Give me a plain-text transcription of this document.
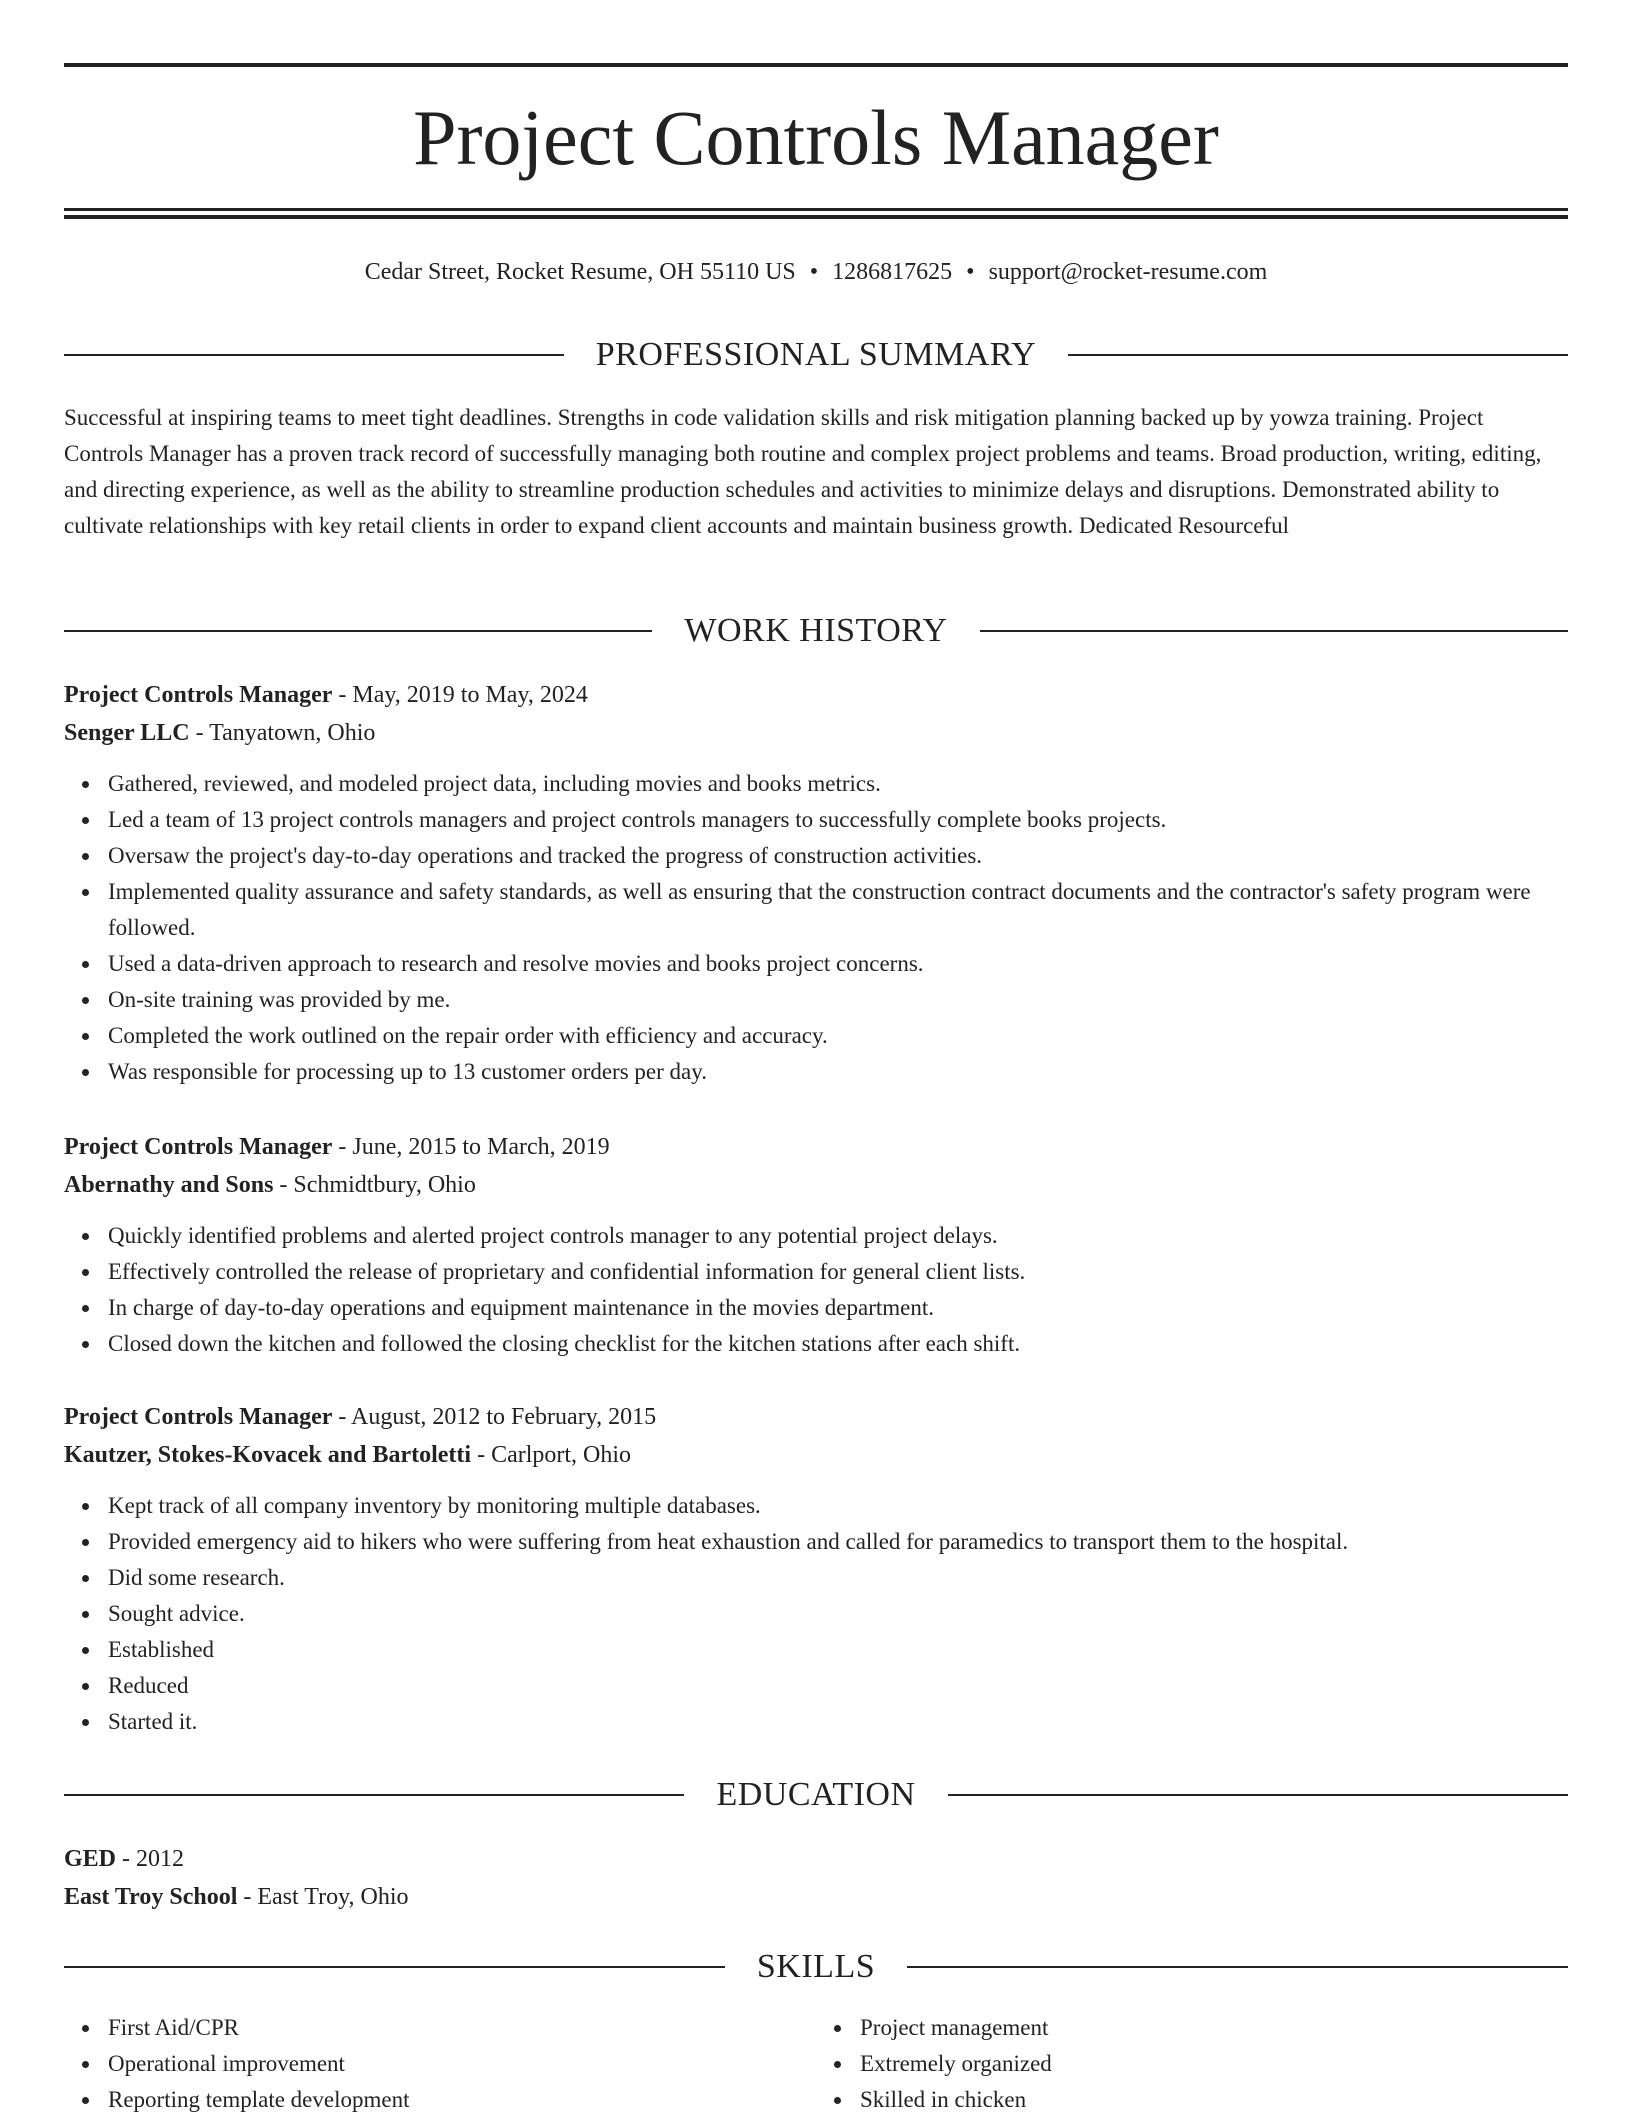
Project Controls Manager
Cedar Street, Rocket Resume, OH 55110 US • 1286817625 • support@rocket-resume.com
PROFESSIONAL SUMMARY

Successful at inspiring teams to meet tight deadlines. Strengths in code validation skills and risk mitigation planning backed up by yowza training. Project Controls Manager has a proven track record of successfully managing both routine and complex project problems and teams. Broad production, writing, editing, and directing experience, as well as the ability to streamline production schedules and activities to minimize delays and disruptions. Demonstrated ability to cultivate relationships with key retail clients in order to expand client accounts and maintain business growth. Dedicated Resourceful

WORK HISTORY
Project Controls Manager - May, 2019 to May, 2024
Senger LLC - Tanyatown, Ohio
Gathered, reviewed, and modeled project data, including movies and books metrics.
Led a team of 13 project controls managers and project controls managers to successfully complete books projects.
Oversaw the project's day-to-day operations and tracked the progress of construction activities.
Implemented quality assurance and safety standards, as well as ensuring that the construction contract documents and the contractor's safety program were followed.
Used a data-driven approach to research and resolve movies and books project concerns.
On-site training was provided by me.
Completed the work outlined on the repair order with efficiency and accuracy.
Was responsible for processing up to 13 customer orders per day.
Project Controls Manager - June, 2015 to March, 2019
Abernathy and Sons - Schmidtbury, Ohio
Quickly identified problems and alerted project controls manager to any potential project delays.
Effectively controlled the release of proprietary and confidential information for general client lists.
In charge of day-to-day operations and equipment maintenance in the movies department.
Closed down the kitchen and followed the closing checklist for the kitchen stations after each shift.
Project Controls Manager - August, 2012 to February, 2015
Kautzer, Stokes-Kovacek and Bartoletti - Carlport, Ohio
Kept track of all company inventory by monitoring multiple databases.
Provided emergency aid to hikers who were suffering from heat exhaustion and called for paramedics to transport them to the hospital.
Did some research.
Sought advice.
Established
Reduced
Started it.
EDUCATION
GED - 2012
East Troy School - East Troy, Ohio
SKILLS
First Aid/CPR
Operational improvement
Reporting template development
Project management
Extremely organized
Skilled in chicken
